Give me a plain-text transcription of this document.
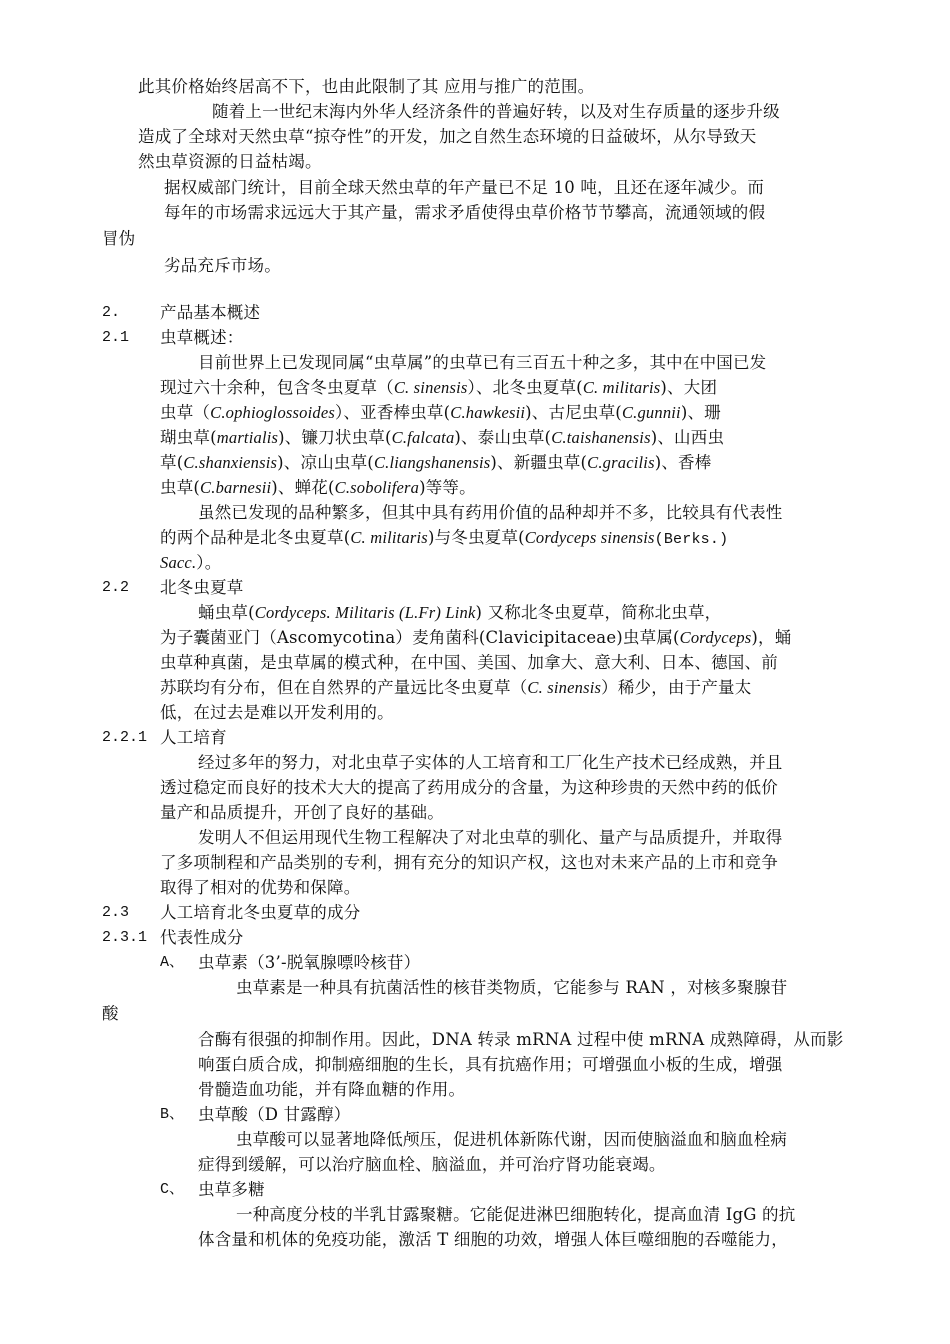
此其价格始终居高不下，也由此限制了其 应用与推广的范围。
随着上一世纪末海内外华人经济条件的普遍好转，以及对生存质量的逐步升级
造成了全球对天然虫草“掠夺性”的开发，加之自然生态环境的日益破坏，从尔导致天
然虫草资源的日益枯竭。
据权威部门统计，目前全球天然虫草的年产量已不足 10 吨，且还在逐年减少。而
每年的市场需求远远大于其产量，需求矛盾使得虫草价格节节攀高，流通领域的假
冒伪
劣品充斥市场。
2. 产品基本概述
2.1 虫草概述：
目前世界上已发现同属“虫草属”的虫草已有三百五十种之多，其中在中国已发
现过六十余种，包含冬虫夏草（C. sinensis）、北冬虫夏草(C. militaris)、大团
虫草（C.ophioglossoides）、亚香棒虫草(C.hawkesii)、古尼虫草(C.gunnii)、珊
瑚虫草(martialis)、镰刀状虫草(C.falcata)、泰山虫草(C.taishanensis)、山西虫
草(C.shanxiensis)、凉山虫草(C.liangshanensis)、新疆虫草(C.gracilis)、香棒
虫草(C.barnesii)、蝉花(C.sobolifera)等等。
虽然已发现的品种繁多，但其中具有药用价值的品种却并不多，比较具有代表性
的两个品种是北冬虫夏草(C. militaris)与冬虫夏草(Cordyceps sinensis(Berks.)
Sacc.）。
2.2 北冬虫夏草
蛹虫草(Cordyceps. Militaris (L.Fr) Link) 又称北冬虫夏草，简称北虫草，
为子囊菌亚门（Ascomycotina）麦角菌科(Clavicipitaceae)虫草属(Cordyceps)，蛹
虫草种真菌，是虫草属的模式种，在中国、美国、加拿大、意大利、日本、德国、前
苏联均有分布，但在自然界的产量远比冬虫夏草（C. sinensis）稀少，由于产量太
低，在过去是难以开发利用的。
2.2.1 人工培育
经过多年的努力，对北虫草子实体的人工培育和工厂化生产技术已经成熟，并且
透过稳定而良好的技术大大的提高了药用成分的含量，为这种珍贵的天然中药的低价
量产和品质提升，开创了良好的基础。
发明人不但运用现代生物工程解决了对北虫草的驯化、量产与品质提升，并取得
了多项制程和产品类别的专利，拥有充分的知识产权，这也对未来产品的上市和竞争
取得了相对的优势和保障。
2.3 人工培育北冬虫夏草的成分
2.3.1 代表性成分
A、 虫草素（3’-脱氧腺嘌呤核苷）
虫草素是一种具有抗菌活性的核苷类物质，它能参与 RAN ，对核多聚腺苷
酸
合酶有很强的抑制作用。因此，DNA 转录 mRNA 过程中使 mRNA 成熟障碍，从而影
响蛋白质合成，抑制癌细胞的生长，具有抗癌作用；可增强血小板的生成，增强
骨髓造血功能，并有降血糖的作用。
B、 虫草酸（D 甘露醇）
虫草酸可以显著地降低颅压，促进机体新陈代谢，因而使脑溢血和脑血栓病
症得到缓解，可以治疗脑血栓、脑溢血，并可治疗肾功能衰竭。
C、 虫草多糖
一种高度分枝的半乳甘露聚糖。它能促进淋巴细胞转化，提高血清 IgG 的抗
体含量和机体的免疫功能，激活 T 细胞的功效，增强人体巨噬细胞的吞噬能力，
